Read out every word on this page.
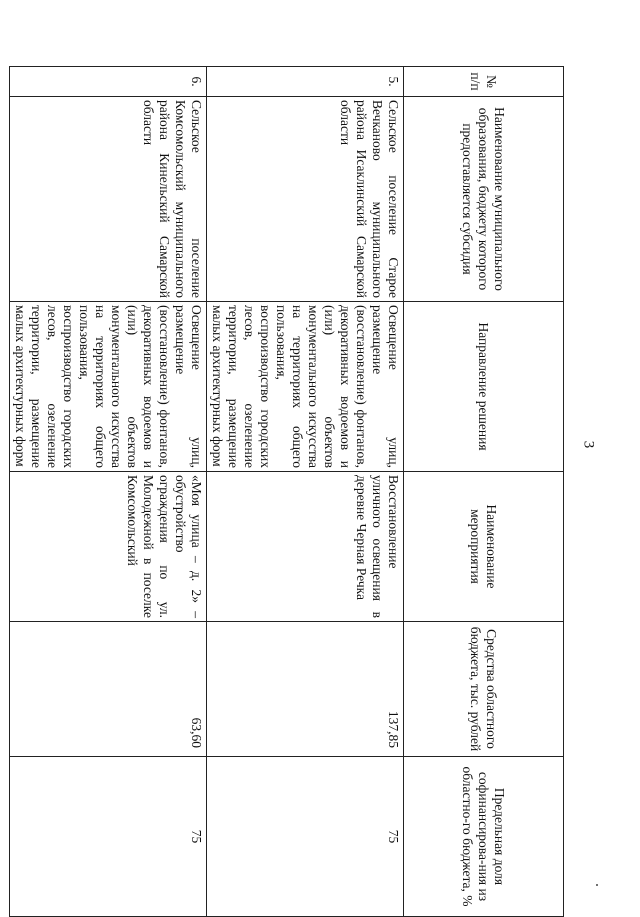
3
№ п/п	Наименование муниципального образования, бюджету которого предоставляется субсидия	Направление решения	Наименование мероприятия	Средства областного бюджета, тыс. рублей	Предельная доля софинансирова-ния из областно-го бюджета, %
5.	Сельское поселение Старое Вечканово муниципального района Исаклинский Самарской области	Освещение улиц, размещение (восстановление) фонтанов, декоративных водоемов и (или) объектов монументального искусства на территориях общего пользования, воспроизводство городских лесов, озеленение территории, размещение малых архитектурных форм	Восстановление уличного освещения в деревне Черная Речка	137,85	75
6.	Сельское поселение Комсомольский муниципального района Кинельский Самарской области	Освещение улиц, размещение (восстановление) фонтанов, декоративных водоемов и (или) объектов монументального искусства на территориях общего пользования, воспроизводство городских лесов, озеленение территории, размещение малых архитектурных форм	«Моя улица – д. 2» – обустройство ограждения по ул. Молодежной в поселке Комсомольский	63,60	75
